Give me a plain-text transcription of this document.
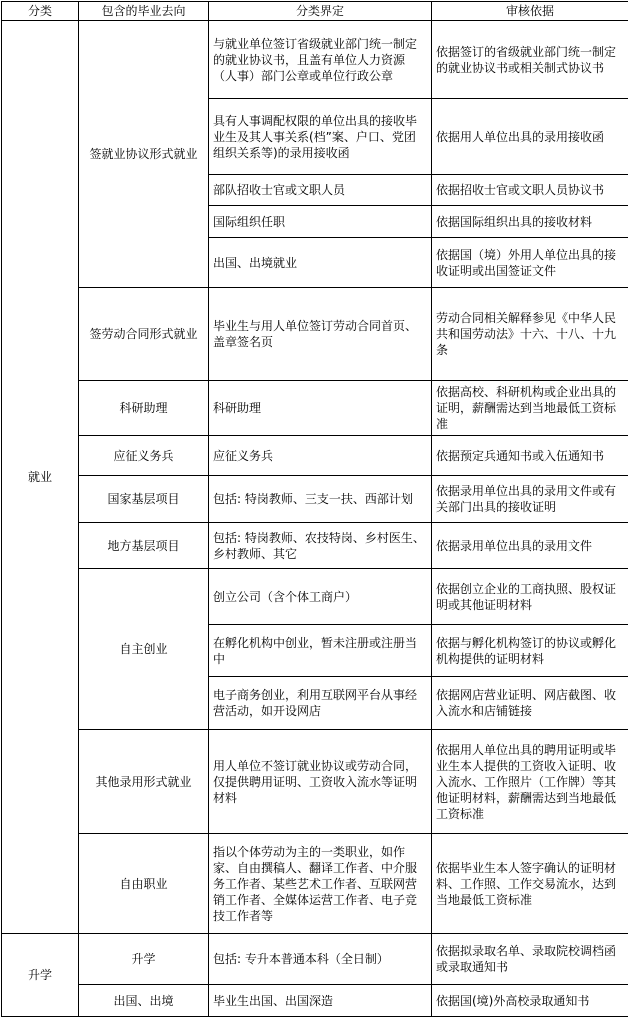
分类	包含的毕业去向	分类界定	审核依据
就业	签就业协议形式就业	与就业单位签订省级就业部门统一制定的就业协议书，且盖有单位人力资源（人事）部门公章或单位行政公章	依据签订的省级就业部门统一制定的就业协议书或相关制式协议书
		具有人事调配权限的单位出具的接收毕业生及其人事关系(档”案、户口、党团组织关系等)的录用接收函	依据用人单位出具的录用接收函
		部队招收士官或文职人员	依据招收士官或文职人员协议书
		国际组织任职	依据国际组织出具的接收材料
		出国、出境就业	依据国（境）外用人单位出具的接收证明或出国签证文件
	签劳动合同形式就业	毕业生与用人单位签订劳动合同首页、盖章签名页	劳动合同相关解释参见《中华人民共和国劳动法》十六、十八、十九条
	科研助理	科研助理	依据高校、科研机构或企业出具的证明，薪酬需达到当地最低工资标准
	应征义务兵	应征义务兵	依据预定兵通知书或入伍通知书
	国家基层项目	包括: 特岗教师、三支一扶、西部计划	依据录用单位出具的录用文件或有关部门出具的接收证明
	地方基层项目	包括: 特岗教师、农技特岗、乡村医生、乡村教师、其它	依据录用单位出具的录用文件
	自主创业	创立公司（含个体工商户）	依据创立企业的工商执照、股权证明或其他证明材料
		在孵化机构中创业，暂未注册或注册当中	依据与孵化机构签订的协议或孵化机构提供的证明材料
		电子商务创业，利用互联网平台从事经营活动，如开设网店	依据网店营业证明、网店截图、收入流水和店铺链接
	其他录用形式就业	用人单位不签订就业协议或劳动合同，仅提供聘用证明、工资收入流水等证明材料	依据用人单位出具的聘用证明或毕业生本人提供的工资收入证明、收入流水、工作照片（工作牌）等其他证明材料，薪酬需达到当地最低工资标准
	自由职业	指以个体劳动为主的一类职业，如作家、自由撰稿人、翻译工作者、中介服务工作者、某些艺术工作者、互联网营销工作者、全媒体运营工作者、电子竞技工作者等	依据毕业生本人签字确认的证明材料、工作照、工作交易流水，达到当地最低工资标准
升学	升学	包括: 专升本普通本科（全日制）	依据拟录取名单、录取院校调档函或录取通知书
	出国、出境	毕业生出国、出国深造	依据国(境)外高校录取通知书
